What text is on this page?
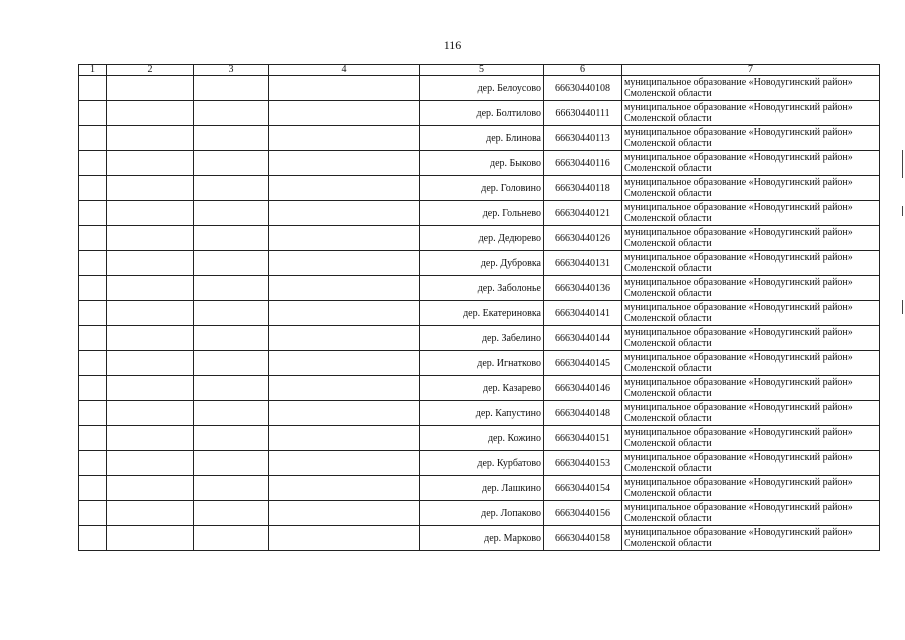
116
1	2	3	4	5	6	7
				дер. Белоусово	66630440108	муниципальное образование «Новодугинский район»
Смоленской области

				дер. Болтилово	66630440111	муниципальное образование «Новодугинский район»
Смоленской области

				дер. Блинова	66630440113	муниципальное образование «Новодугинский район»
Смоленской области

				дер. Быково	66630440116	муниципальное образование «Новодугинский район»
Смоленской области

				дер. Головино	66630440118	муниципальное образование «Новодугинский район»
Смоленской области

				дер. Гольнево	66630440121	муниципальное образование «Новодугинский район»
Смоленской области

				дер. Дедюрево	66630440126	муниципальное образование «Новодугинский район»
Смоленской области

				дер. Дубровка	66630440131	муниципальное образование «Новодугинский район»
Смоленской области

				дер. Заболонье	66630440136	муниципальное образование «Новодугинский район»
Смоленской области

				дер. Екатериновка	66630440141	муниципальное образование «Новодугинский район»
Смоленской области

				дер. Забелино	66630440144	муниципальное образование «Новодугинский район»
Смоленской области

				дер. Игнатково	66630440145	муниципальное образование «Новодугинский район»
Смоленской области

				дер. Казарево	66630440146	муниципальное образование «Новодугинский район»
Смоленской области

				дер. Капустино	66630440148	муниципальное образование «Новодугинский район»
Смоленской области

				дер. Кожино	66630440151	муниципальное образование «Новодугинский район»
Смоленской области

				дер. Курбатово	66630440153	муниципальное образование «Новодугинский район»
Смоленской области

				дер. Лашкино	66630440154	муниципальное образование «Новодугинский район»
Смоленской области

				дер. Лопаково	66630440156	муниципальное образование «Новодугинский район»
Смоленской области

				дер. Марково	66630440158	муниципальное образование «Новодугинский район»
Смоленской области
